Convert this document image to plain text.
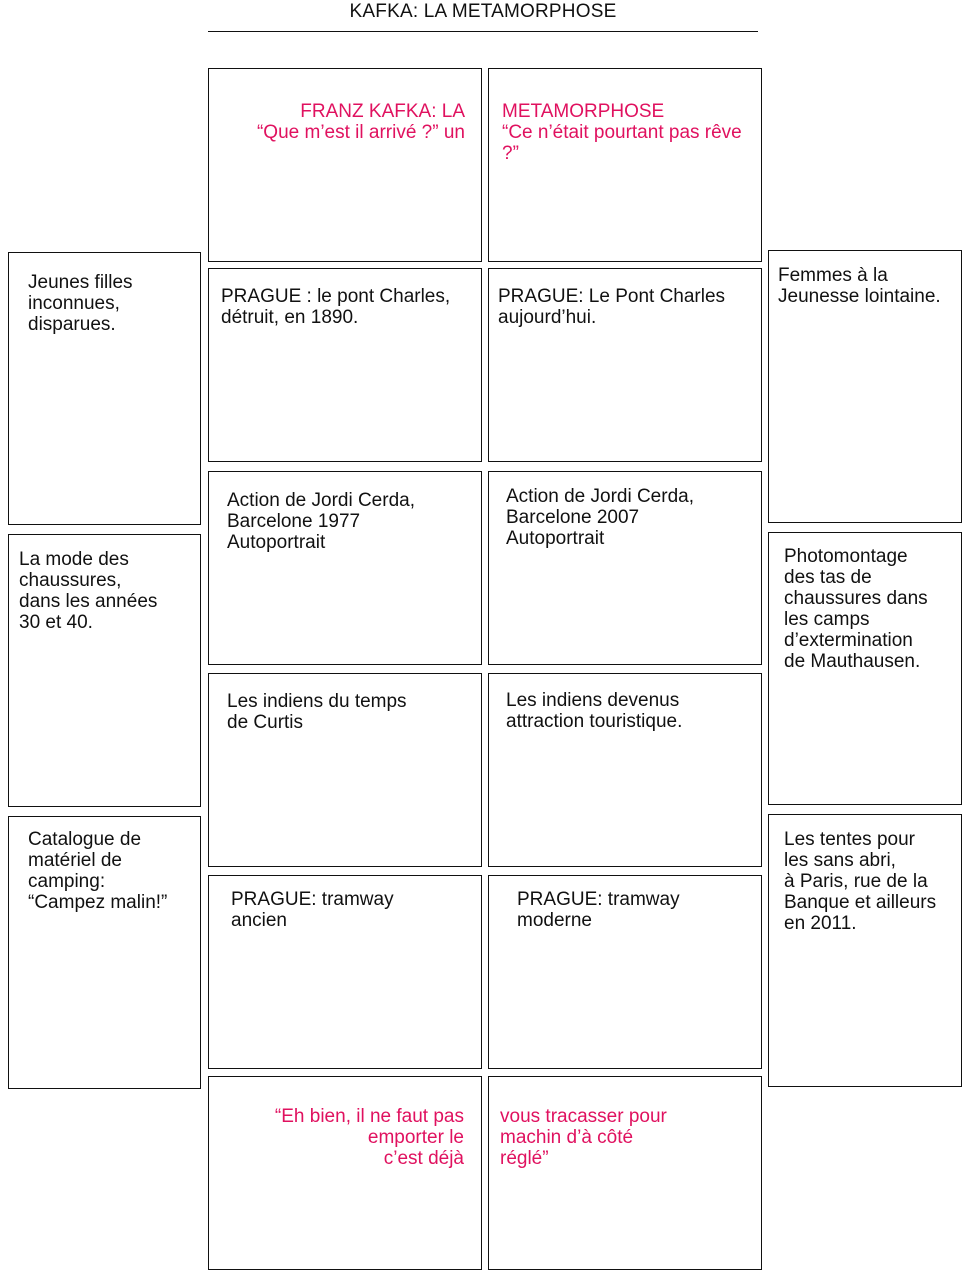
KAFKA: LA METAMORPHOSE
FRANZ KAFKA: LA
“Que m’est il arrivé ?” un
METAMORPHOSE
“Ce n’était pourtant pas rêve ?”
Jeunes filles
inconnues,
disparues.
La mode des
chaussures,
dans les années
30 et 40.
Catalogue de
matériel de
camping:
“Campez malin!”
PRAGUE : le pont Charles,
détruit, en 1890.
Action de Jordi Cerda,
Barcelone 1977
Autoportrait
Les indiens du temps
de Curtis
PRAGUE: tramway
ancien
PRAGUE: Le Pont Charles
aujourd’hui.
Action de Jordi Cerda,
Barcelone 2007
Autoportrait
Les indiens devenus
attraction touristique.
PRAGUE: tramway
moderne
Femmes à la
Jeunesse lointaine.
Photomontage
des tas de
chaussures dans
les camps
d’extermination
de Mauthausen.
Les tentes pour
les sans abri,
à Paris, rue de la
Banque et ailleurs
en 2011.
“Eh bien, il ne faut pas
emporter le
c’est déjà
vous tracasser pour
machin d’à côté
réglé”
